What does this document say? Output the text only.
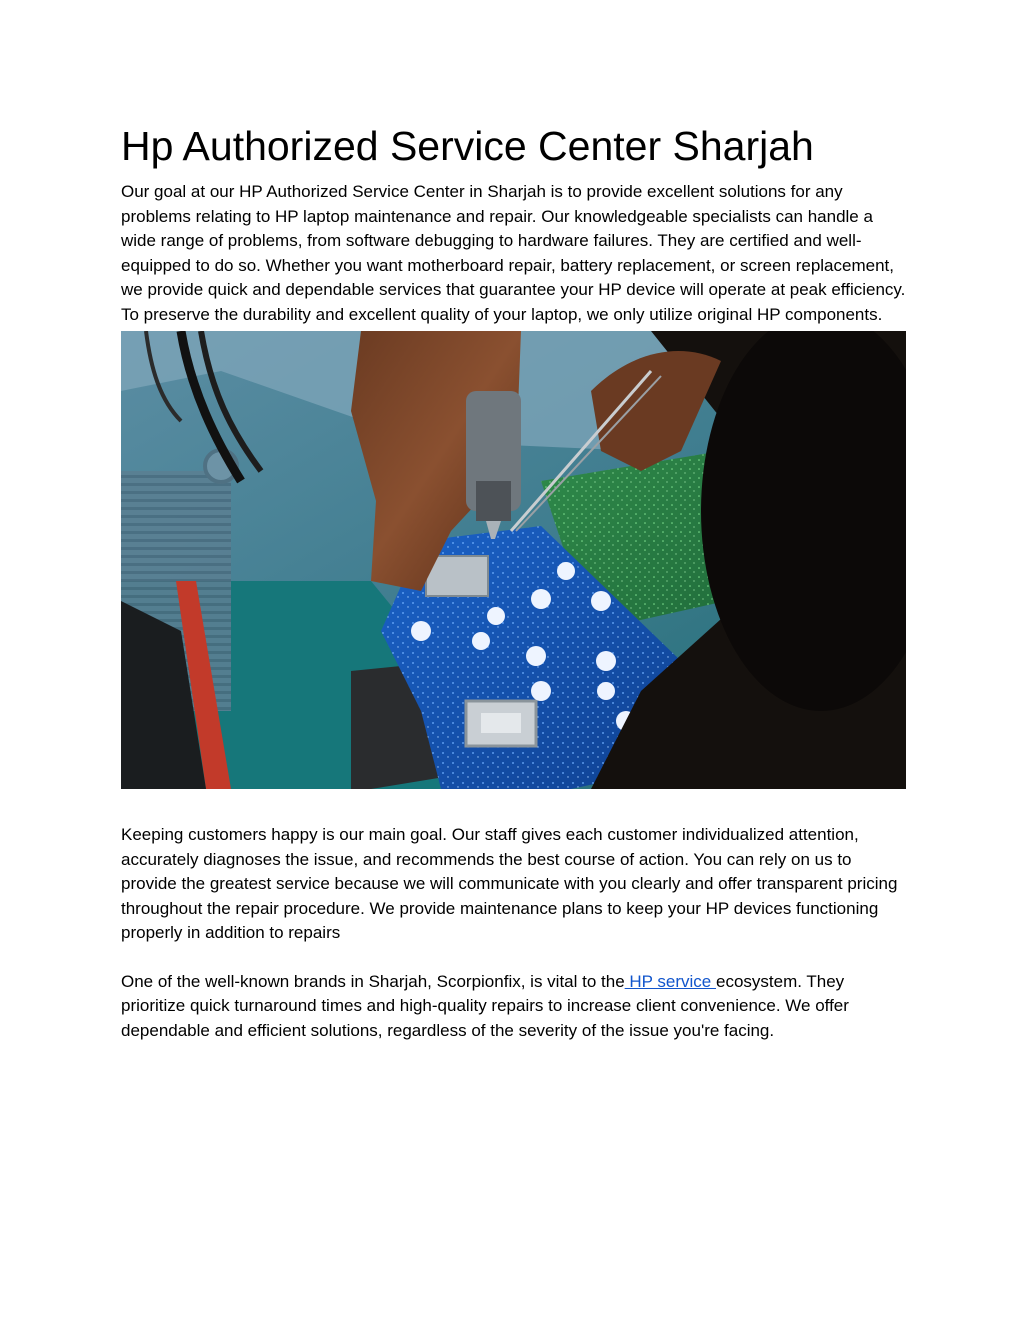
Hp Authorized Service Center Sharjah

Our goal at our HP Authorized Service Center in Sharjah is to provide excellent solutions for any problems relating to HP laptop maintenance and repair. Our knowledgeable specialists can handle a wide range of problems, from software debugging to hardware failures. They are certified and well-equipped to do so. Whether you want motherboard repair, battery replacement, or screen replacement, we provide quick and dependable services that guarantee your HP device will operate at peak efficiency. To preserve the durability and excellent quality of your laptop, we only utilize original HP components.

Keeping customers happy is our main goal. Our staff gives each customer individualized attention, accurately diagnoses the issue, and recommends the best course of action. You can rely on us to provide the greatest service because we will communicate with you clearly and offer transparent pricing throughout the repair procedure. We provide maintenance plans to keep your HP devices functioning properly in addition to repairs

One of the well-known brands in Sharjah, Scorpionfix, is vital to the HP service ecosystem. They prioritize quick turnaround times and high-quality repairs to increase client convenience. We offer dependable and efficient solutions, regardless of the severity of the issue you're facing.
